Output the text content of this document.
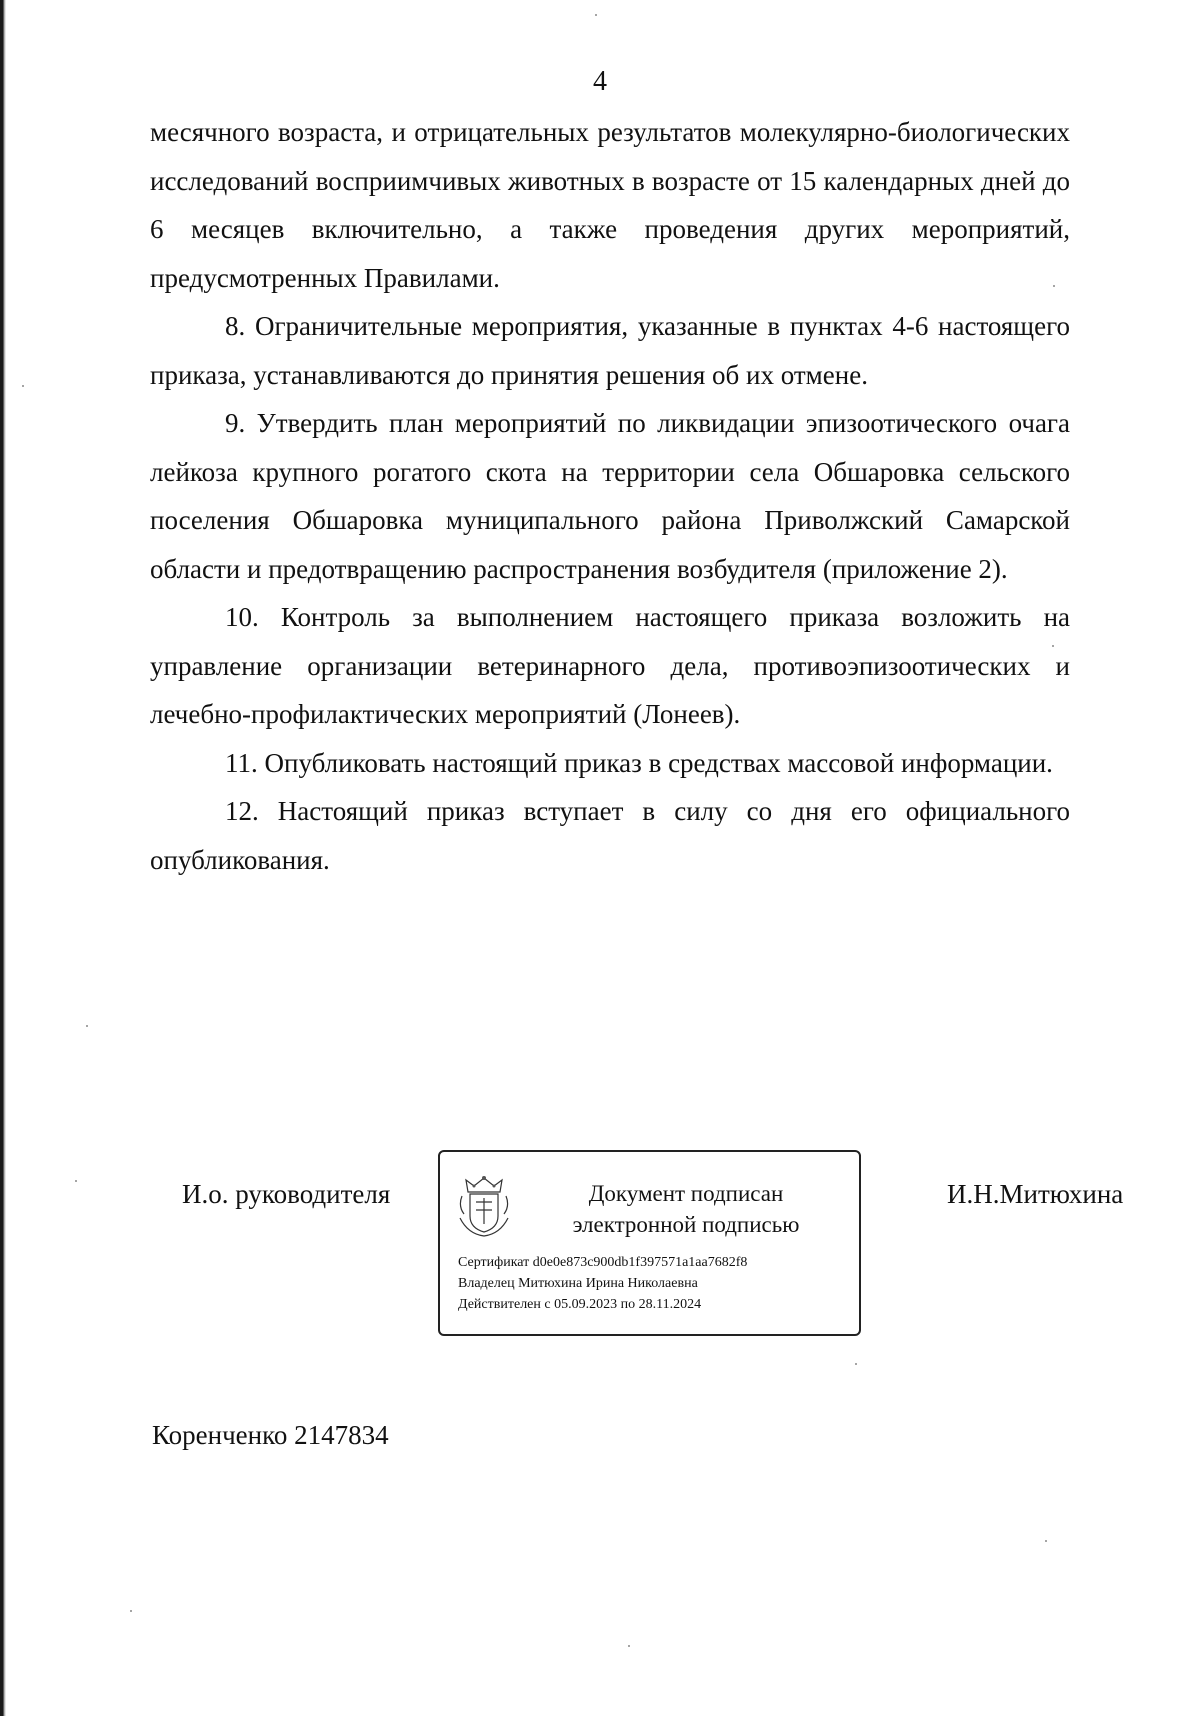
4

месячного возраста, и отрицательных результатов молекулярно-биологических исследований восприимчивых животных в возрасте от 15 календарных дней до 6 месяцев включительно, а также проведения других мероприятий, предусмотренных Правилами.

8. Ограничительные мероприятия, указанные в пунктах 4-6 настоящего приказа, устанавливаются до принятия решения об их отмене.

9. Утвердить план мероприятий по ликвидации эпизоотического очага лейкоза крупного рогатого скота на территории села Обшаровка сельского поселения Обшаровка муниципального района Приволжский Самарской области и предотвращению распространения возбудителя (приложение 2).

10. Контроль за выполнением настоящего приказа возложить на управление организации ветеринарного дела, противоэпизоотических и лечебно-профилактических мероприятий (Лонеев).

11. Опубликовать настоящий приказ в средствах массовой информации.

12. Настоящий приказ вступает в силу со дня его официального опубликования.

И.о. руководителя	Документ подписан
электронной подписью
Сертификат d0e0e873c900db1f397571a1aa7682f8
Владелец Митюхина Ирина Николаевна
Действителен с 05.09.2023 по 28.11.2024
И.Н.Митюхина
Коренченко 2147834
